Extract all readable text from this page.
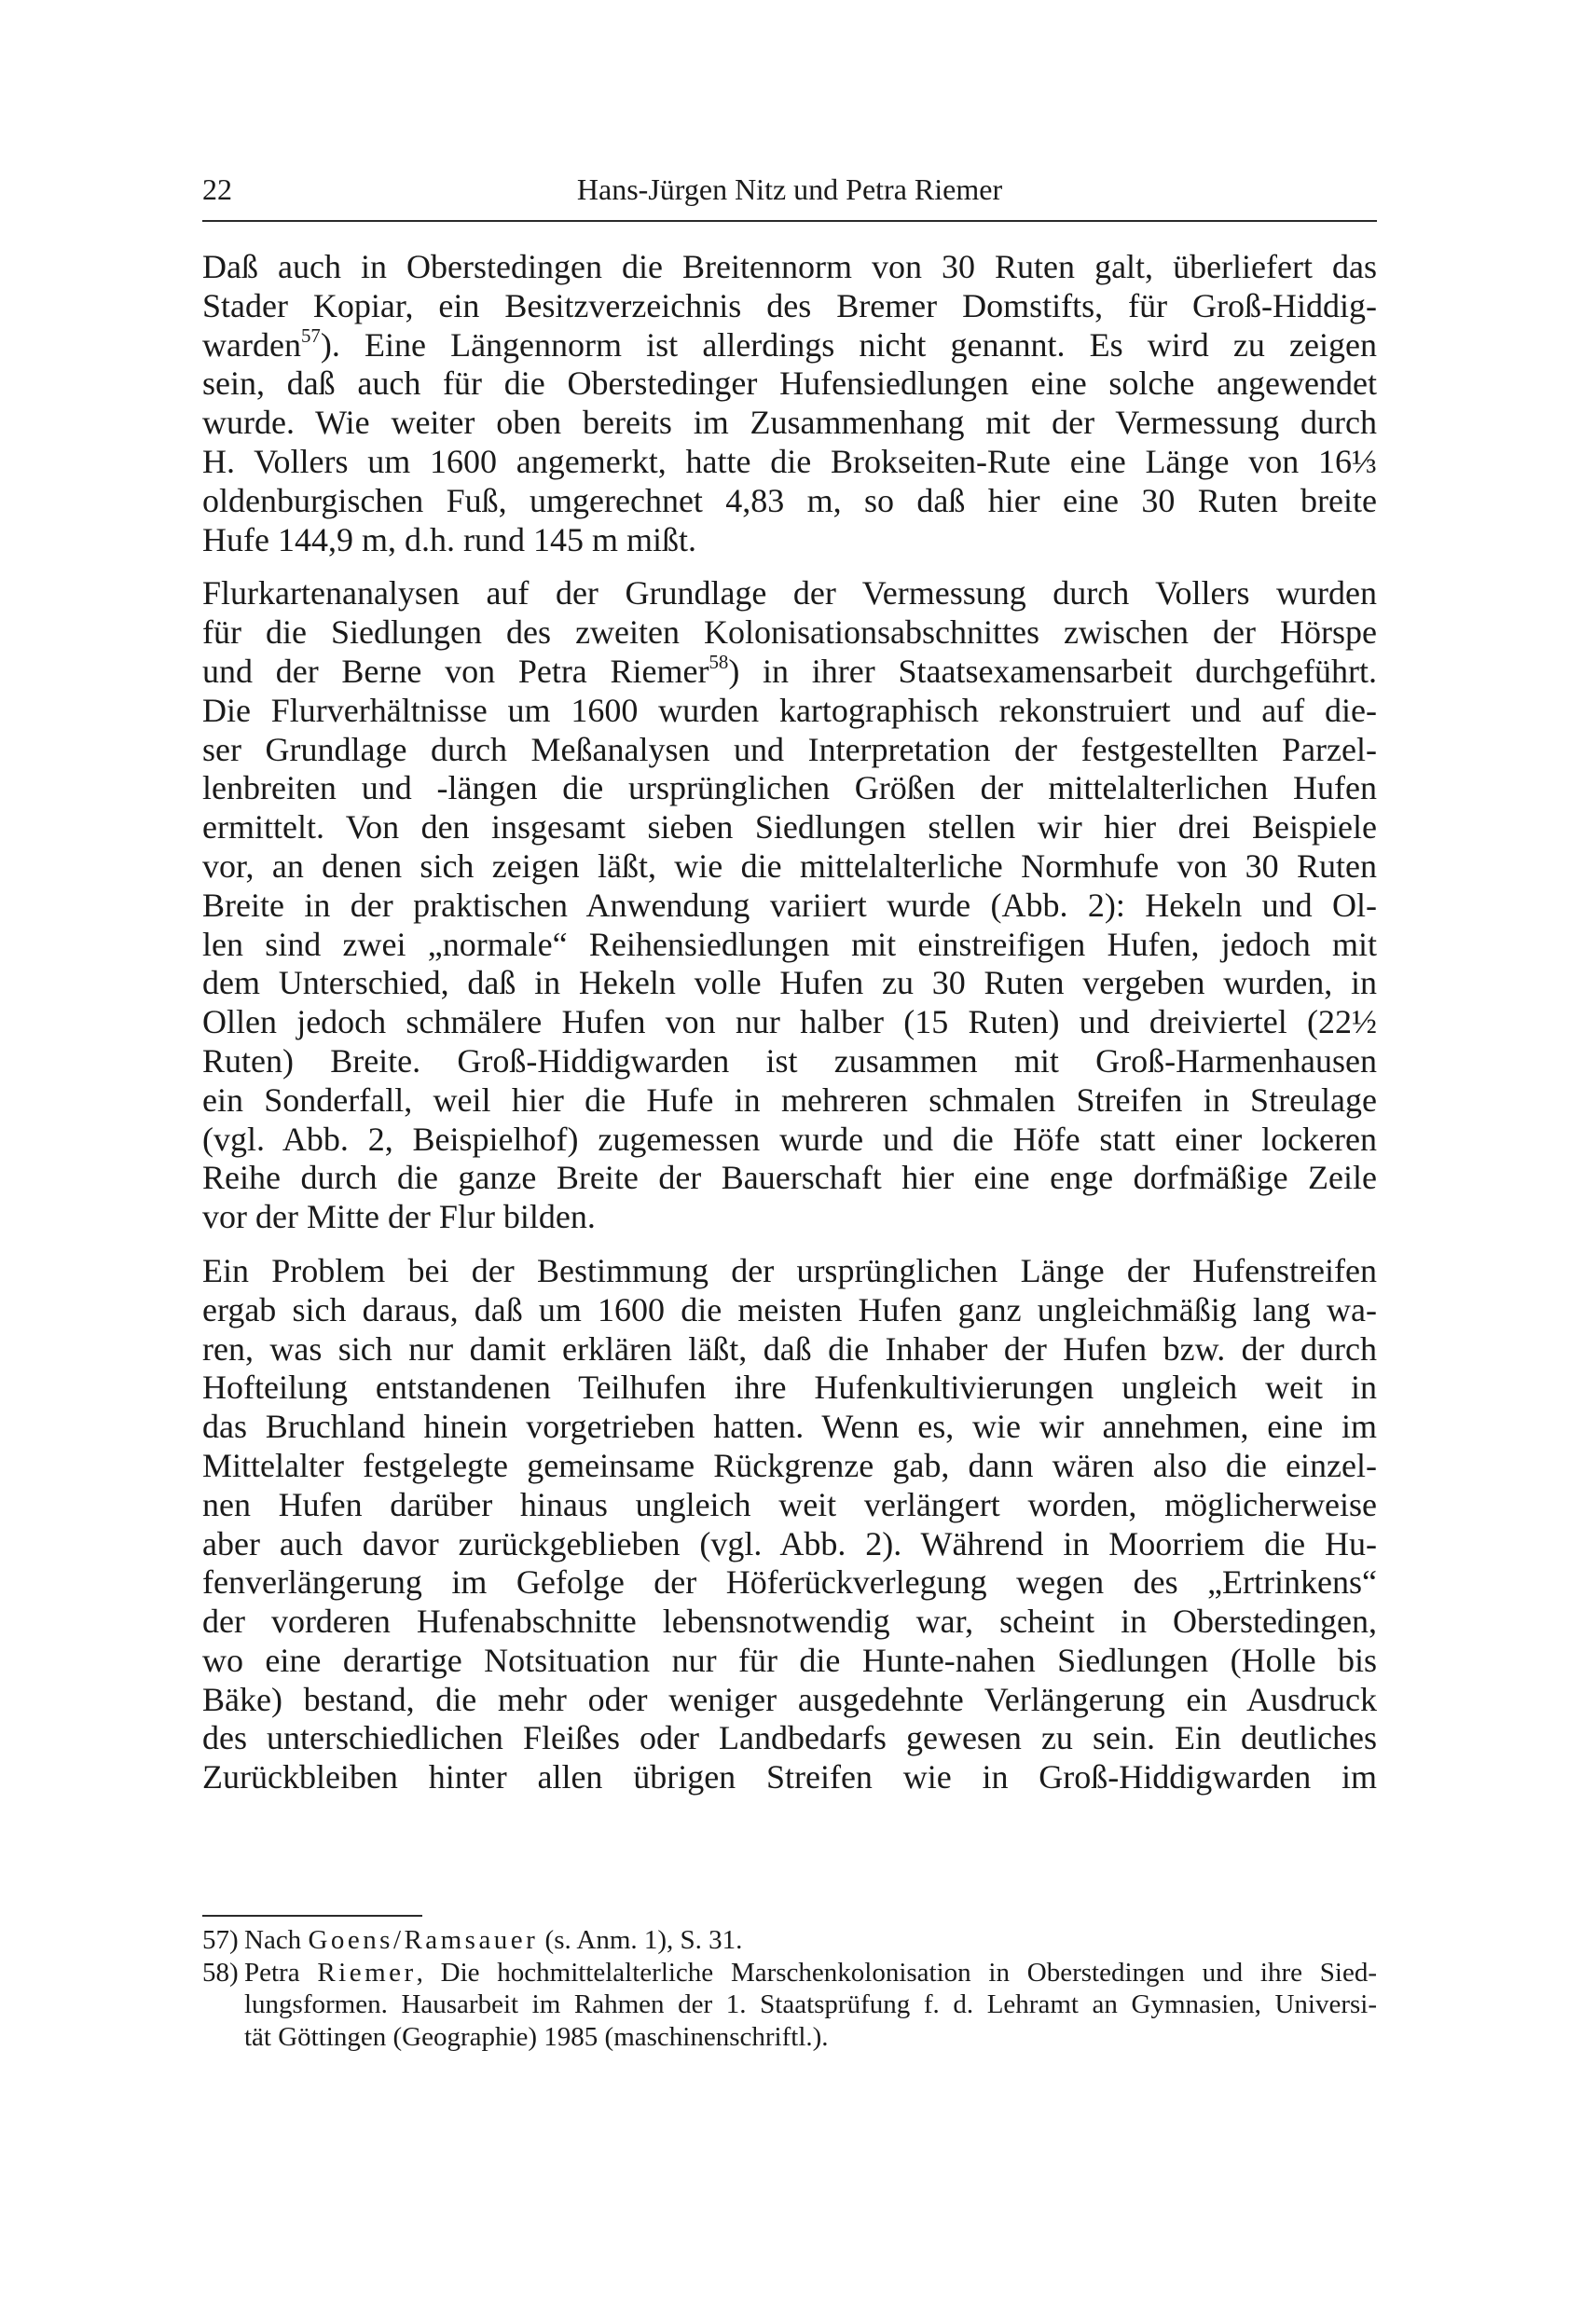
22	Hans-Jürgen Nitz und Petra Riemer

Daß auch in Oberstedingen die Breitennorm von 30 Ruten galt, überliefert das
Stader Kopiar, ein Besitzverzeichnis des Bremer Domstifts, für Groß-Hiddig-
warden$^{57}$). Eine Längennorm ist allerdings nicht genannt. Es wird zu zeigen
sein, daß auch für die Oberstedinger Hufensiedlungen eine solche angewendet
wurde. Wie weiter oben bereits im Zusammenhang mit der Vermessung durch
H. Vollers um 1600 angemerkt, hatte die Brokseiten-Rute eine Länge von 16⅓
oldenburgischen Fuß, umgerechnet 4,83 m, so daß hier eine 30 Ruten breite
Hufe 144,9 m, d.h. rund 145 m mißt.

Flurkartenanalysen auf der Grundlage der Vermessung durch Vollers wurden
für die Siedlungen des zweiten Kolonisationsabschnittes zwischen der Hörspe
und der Berne von Petra Riemer$^{58}$) in ihrer Staatsexamensarbeit durchgeführt.
Die Flurverhältnisse um 1600 wurden kartographisch rekonstruiert und auf die-
ser Grundlage durch Meßanalysen und Interpretation der festgestellten Parzel-
lenbreiten und -längen die ursprünglichen Größen der mittelalterlichen Hufen
ermittelt. Von den insgesamt sieben Siedlungen stellen wir hier drei Beispiele
vor, an denen sich zeigen läßt, wie die mittelalterliche Normhufe von 30 Ruten
Breite in der praktischen Anwendung variiert wurde (Abb. 2): Hekeln und Ol-
len sind zwei „normale“ Reihensiedlungen mit einstreifigen Hufen, jedoch mit
dem Unterschied, daß in Hekeln volle Hufen zu 30 Ruten vergeben wurden, in
Ollen jedoch schmälere Hufen von nur halber (15 Ruten) und dreiviertel (22½
Ruten) Breite. Groß-Hiddigwarden ist zusammen mit Groß-Harmenhausen
ein Sonderfall, weil hier die Hufe in mehreren schmalen Streifen in Streulage
(vgl. Abb. 2, Beispielhof) zugemessen wurde und die Höfe statt einer lockeren
Reihe durch die ganze Breite der Bauerschaft hier eine enge dorfmäßige Zeile
vor der Mitte der Flur bilden.

Ein Problem bei der Bestimmung der ursprünglichen Länge der Hufenstreifen
ergab sich daraus, daß um 1600 die meisten Hufen ganz ungleichmäßig lang wa-
ren, was sich nur damit erklären läßt, daß die Inhaber der Hufen bzw. der durch
Hofteilung entstandenen Teilhufen ihre Hufenkultivierungen ungleich weit in
das Bruchland hinein vorgetrieben hatten. Wenn es, wie wir annehmen, eine im
Mittelalter festgelegte gemeinsame Rückgrenze gab, dann wären also die einzel-
nen Hufen darüber hinaus ungleich weit verlängert worden, möglicherweise
aber auch davor zurückgeblieben (vgl. Abb. 2). Während in Moorriem die Hu-
fenverlängerung im Gefolge der Höferückverlegung wegen des „Ertrinkens“
der vorderen Hufenabschnitte lebensnotwendig war, scheint in Oberstedingen,
wo eine derartige Notsituation nur für die Hunte-nahen Siedlungen (Holle bis
Bäke) bestand, die mehr oder weniger ausgedehnte Verlängerung ein Ausdruck
des unterschiedlichen Fleißes oder Landbedarfs gewesen zu sein. Ein deutliches
Zurückbleiben hinter allen übrigen Streifen wie in Groß-Hiddigwarden im

57) Nach Goens/Ramsauer (s. Anm. 1), S. 31.
58) Petra Riemer, Die hochmittelalterliche Marschenkolonisation in Oberstedingen und ihre Sied-
lungsformen. Hausarbeit im Rahmen der 1. Staatsprüfung f. d. Lehramt an Gymnasien, Universi-
tät Göttingen (Geographie) 1985 (maschinenschriftl.).
